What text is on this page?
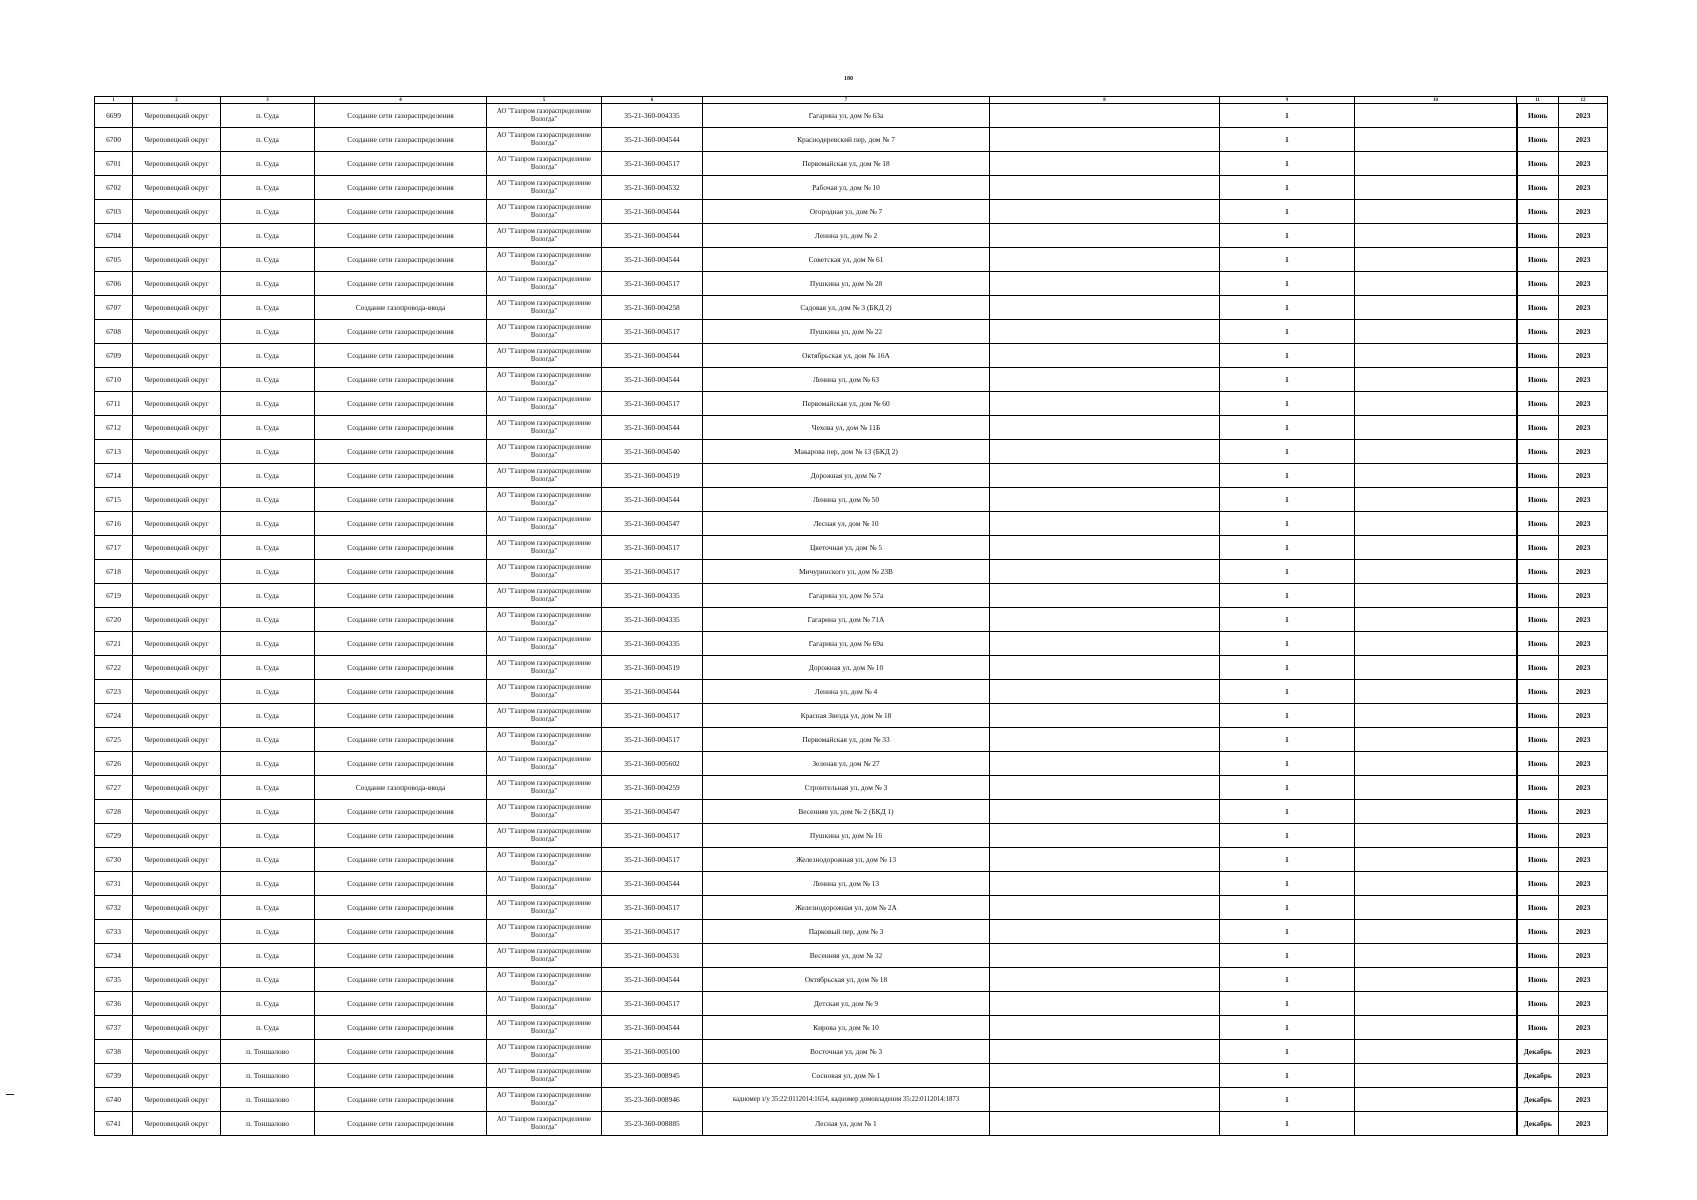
180
1	2	3	4	5	6	7	8	9	10	11	12
6699	Череповецкий округ	п. Суда	Создание сети газораспределения	АО "Газпром газораспределение Вологда"	35-21-360-004335	Гагарина ул, дом № 63а		1		Июнь	2023
6700	Череповецкий округ	п. Суда	Создание сети газораспределения	АО "Газпром газораспределение Вологда"	35-21-360-004544	Краснодеревский пер, дом № 7		1		Июнь	2023
6701	Череповецкий округ	п. Суда	Создание сети газораспределения	АО "Газпром газораспределение Вологда"	35-21-360-004517	Первомайская ул, дом № 18		1		Июнь	2023
6702	Череповецкий округ	п. Суда	Создание сети газораспределения	АО "Газпром газораспределение Вологда"	35-21-360-004532	Рабочая ул, дом № 10		1		Июнь	2023
6703	Череповецкий округ	п. Суда	Создание сети газораспределения	АО "Газпром газораспределение Вологда"	35-21-360-004544	Огородная ул, дом № 7		1		Июнь	2023
6704	Череповецкий округ	п. Суда	Создание сети газораспределения	АО "Газпром газораспределение Вологда"	35-21-360-004544	Ленина ул, дом № 2		1		Июнь	2023
6705	Череповецкий округ	п. Суда	Создание сети газораспределения	АО "Газпром газораспределение Вологда"	35-21-360-004544	Советская ул, дом № 61		1		Июнь	2023
6706	Череповецкий округ	п. Суда	Создание сети газораспределения	АО "Газпром газораспределение Вологда"	35-21-360-004517	Пушкина ул, дом № 28		1		Июнь	2023
6707	Череповецкий округ	п. Суда	Создание газопровода-ввода	АО "Газпром газораспределение Вологда"	35-21-360-004258	Садовая ул, дом № 3 (БКД 2)		1		Июнь	2023
6708	Череповецкий округ	п. Суда	Создание сети газораспределения	АО "Газпром газораспределение Вологда"	35-21-360-004517	Пушкина ул, дом № 22		1		Июнь	2023
6709	Череповецкий округ	п. Суда	Создание сети газораспределения	АО "Газпром газораспределение Вологда"	35-21-360-004544	Октябрьская ул, дом № 16А		1		Июнь	2023
6710	Череповецкий округ	п. Суда	Создание сети газораспределения	АО "Газпром газораспределение Вологда"	35-21-360-004544	Ленина ул, дом № 63		1		Июнь	2023
6711	Череповецкий округ	п. Суда	Создание сети газораспределения	АО "Газпром газораспределение Вологда"	35-21-360-004517	Первомайская ул, дом № 60		1		Июнь	2023
6712	Череповецкий округ	п. Суда	Создание сети газораспределения	АО "Газпром газораспределение Вологда"	35-21-360-004544	Чехова ул, дом № 11Б		1		Июнь	2023
6713	Череповецкий округ	п. Суда	Создание сети газораспределения	АО "Газпром газораспределение Вологда"	35-21-360-004540	Макарова пер, дом № 13 (БКД 2)		1		Июнь	2023
6714	Череповецкий округ	п. Суда	Создание сети газораспределения	АО "Газпром газораспределение Вологда"	35-21-360-004519	Дорожная ул, дом № 7		1		Июнь	2023
6715	Череповецкий округ	п. Суда	Создание сети газораспределения	АО "Газпром газораспределение Вологда"	35-21-360-004544	Ленина ул, дом № 50		1		Июнь	2023
6716	Череповецкий округ	п. Суда	Создание сети газораспределения	АО "Газпром газораспределение Вологда"	35-21-360-004547	Лесная ул, дом № 10		1		Июнь	2023
6717	Череповецкий округ	п. Суда	Создание сети газораспределения	АО "Газпром газораспределение Вологда"	35-21-360-004517	Цветочная ул, дом № 5		1		Июнь	2023
6718	Череповецкий округ	п. Суда	Создание сети газораспределения	АО "Газпром газораспределение Вологда"	35-21-360-004517	Мичуринского ул, дом № 23В		1		Июнь	2023
6719	Череповецкий округ	п. Суда	Создание сети газораспределения	АО "Газпром газораспределение Вологда"	35-21-360-004335	Гагарина ул, дом № 57а		1		Июнь	2023
6720	Череповецкий округ	п. Суда	Создание сети газораспределения	АО "Газпром газораспределение Вологда"	35-21-360-004335	Гагарина ул, дом № 71А		1		Июнь	2023
6721	Череповецкий округ	п. Суда	Создание сети газораспределения	АО "Газпром газораспределение Вологда"	35-21-360-004335	Гагарина ул, дом № 69а		1		Июнь	2023
6722	Череповецкий округ	п. Суда	Создание сети газораспределения	АО "Газпром газораспределение Вологда"	35-21-360-004519	Дорожная ул, дом № 10		1		Июнь	2023
6723	Череповецкий округ	п. Суда	Создание сети газораспределения	АО "Газпром газораспределение Вологда"	35-21-360-004544	Ленина ул, дом № 4		1		Июнь	2023
6724	Череповецкий округ	п. Суда	Создание сети газораспределения	АО "Газпром газораспределение Вологда"	35-21-360-004517	Красная Звезда ул, дом № 18		1		Июнь	2023
6725	Череповецкий округ	п. Суда	Создание сети газораспределения	АО "Газпром газораспределение Вологда"	35-21-360-004517	Первомайская ул, дом № 33		1		Июнь	2023
6726	Череповецкий округ	п. Суда	Создание сети газораспределения	АО "Газпром газораспределение Вологда"	35-21-360-005602	Зеленая ул, дом № 27		1		Июнь	2023
6727	Череповецкий округ	п. Суда	Создание газопровода-ввода	АО "Газпром газораспределение Вологда"	35-21-360-004259	Строительная ул, дом № 3		1		Июнь	2023
6728	Череповецкий округ	п. Суда	Создание сети газораспределения	АО "Газпром газораспределение Вологда"	35-21-360-004547	Весенняя ул, дом № 2 (БКД 1)		1		Июнь	2023
6729	Череповецкий округ	п. Суда	Создание сети газораспределения	АО "Газпром газораспределение Вологда"	35-21-360-004517	Пушкина ул, дом № 16		1		Июнь	2023
6730	Череповецкий округ	п. Суда	Создание сети газораспределения	АО "Газпром газораспределение Вологда"	35-21-360-004517	Железнодорожная ул, дом № 13		1		Июнь	2023
6731	Череповецкий округ	п. Суда	Создание сети газораспределения	АО "Газпром газораспределение Вологда"	35-21-360-004544	Ленина ул, дом № 13		1		Июнь	2023
6732	Череповецкий округ	п. Суда	Создание сети газораспределения	АО "Газпром газораспределение Вологда"	35-21-360-004517	Железнодорожная ул, дом № 2А		1		Июнь	2023
6733	Череповецкий округ	п. Суда	Создание сети газораспределения	АО "Газпром газораспределение Вологда"	35-21-360-004517	Парковый пер, дом № 3		1		Июнь	2023
6734	Череповецкий округ	п. Суда	Создание сети газораспределения	АО "Газпром газораспределение Вологда"	35-21-360-004531	Весенняя ул, дом № 32		1		Июнь	2023
6735	Череповецкий округ	п. Суда	Создание сети газораспределения	АО "Газпром газораспределение Вологда"	35-21-360-004544	Октябрьская ул, дом № 18		1		Июнь	2023
6736	Череповецкий округ	п. Суда	Создание сети газораспределения	АО "Газпром газораспределение Вологда"	35-21-360-004517	Детская ул, дом № 9		1		Июнь	2023
6737	Череповецкий округ	п. Суда	Создание сети газораспределения	АО "Газпром газораспределение Вологда"	35-21-360-004544	Кирова ул, дом № 10		1		Июнь	2023
6738	Череповецкий округ	п. Тоншалово	Создание сети газораспределения	АО "Газпром газораспределение Вологда"	35-21-360-005100	Восточная ул, дом № 3		1		Декабрь	2023
6739	Череповецкий округ	п. Тоншалово	Создание сети газораспределения	АО "Газпром газораспределение Вологда"	35-23-360-008945	Сосновая ул, дом № 1		1		Декабрь	2023
6740	Череповецкий округ	п. Тоншалово	Создание сети газораспределения	АО "Газпром газораспределение Вологда"	35-23-360-008946	кадномер з/у 35:22:0112014:1654, кадномер домовладения 35:22:0112014:1873		1		Декабрь	2023
6741	Череповецкий округ	п. Тоншалово	Создание сети газораспределения	АО "Газпром газораспределение Вологда"	35-23-360-008885	Лесная ул, дом № 1		1		Декабрь	2023
